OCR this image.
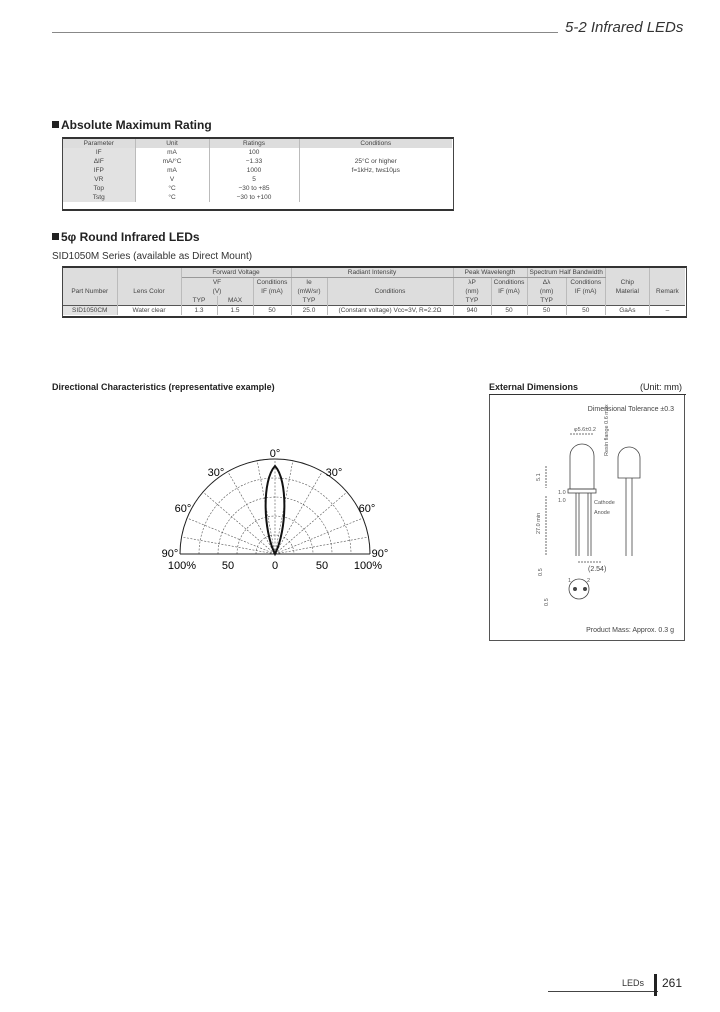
5-2 Infrared LEDs
Absolute Maximum Rating
Parameter	Unit	Ratings	Conditions
IF	mA	100	
ΔIF	mA/°C	−1.33	25°C or higher
IFP	mA	1000	f=1kHz, tw≤10μs
VR	V	5	
Top	°C	−30 to +85	
Tstg	°C	−30 to +100	
5φ Round Infrared LEDs
SID1050M Series (available as Direct Mount)
		Forward Voltage			Radiant Intensity		Peak Wavelength		Spectrum Half Bandwidth			
		VF		Conditions	Ie		λP	Conditions	Δλ	Conditions	Chip	
Part Number	Lens Color	(V)		IF (mA)	(mW/sr)	Conditions	(nm)	IF (mA)	(nm)	IF (mA)	Material	Remark
		TYP	MAX		TYP		TYP		TYP			
SID1050CM	Water clear	1.3	1.5	50	25.0	(Constant voltage) Vcc=3V, R=2.2Ω	940	50	50	50	GaAs	–
Directional Characteristics (representative example)
0°
30°	30°
60°	60°
90°	90°
100% 50	0	50 100%
External Dimensions	(Unit: mm)
Dimensional Tolerance ±0.3
φ5.6±0.2 Resin flange 0.6 max
Anode
Cathode
(2.54)
5.1
1.0
27.0 min
0.5
0.5
1	2
1.0
Product Mass: Approx. 0.3 g
LEDs 261
